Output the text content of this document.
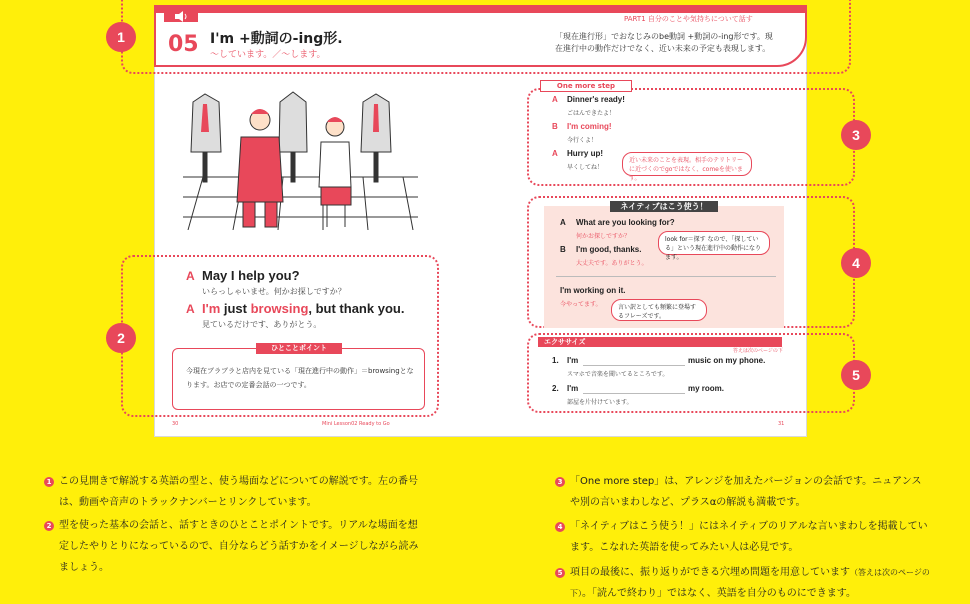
05 I'm +動詞の-ing形.
～しています。／～します。
PART1 自分のことや気持ちについて話す
「現在進行形」でおなじみのbe動詞 +動詞の-ing形です。現在進行中の動作だけでなく、近い未来の予定も表現します。
1
2
3
4
5
A May I help you?
いらっしゃいませ。何かお探しですか？
A I'm just browsing, but thank you.
見ているだけです、ありがとう。
ひとことポイント
今現在ブラブラと店内を見ている「現在進行中の動作」＝browsingとなります。お店での定番会話の一つです。
One more step
A Dinner's ready!
ごはんできたよ！
B I'm coming!
今行くよ！
A Hurry up!
早くしてね！
近い未来のことを表現。相手のテリトリーに近づくのでgoではなく、comeを使います。
ネイティブはこう使う！
A What are you looking for?
何かお探しですか？
B I'm good, thanks.
大丈夫です。ありがとう。
look for＝探す なので、「探している」という現在進行中の動作になります。
I'm working on it.
今やってます。	言い訳としても頻繁に登場するフレーズです。
エクササイズ
答えは次のページの下
1. I'm	music on my phone.
スマホで音楽を聞いてるところです。
2. I'm	my room.
部屋を片付けています。
30	Mini Lesson02 Ready to Go	31
1 この見開きで解説する英語の型と、使う場面などについての解説です。左の番号は、動画や音声のトラックナンバーとリンクしています。
2 型を使った基本の会話と、話すときのひとことポイントです。リアルな場面を想定したやりとりになっているので、自分ならどう話すかをイメージしながら読みましょう。
3 「One more step」は、アレンジを加えたバージョンの会話です。ニュアンスや別の言いまわしなど、プラスαの解説も満載です。
4 「ネイティブはこう使う！」にはネイティブのリアルな言いまわしを掲載しています。こなれた英語を使ってみたい人は必見です。
5 項目の最後に、振り返りができる穴埋め問題を用意しています（答えは次のページの下）。「読んで終わり」ではなく、英語を自分のものにできます。
